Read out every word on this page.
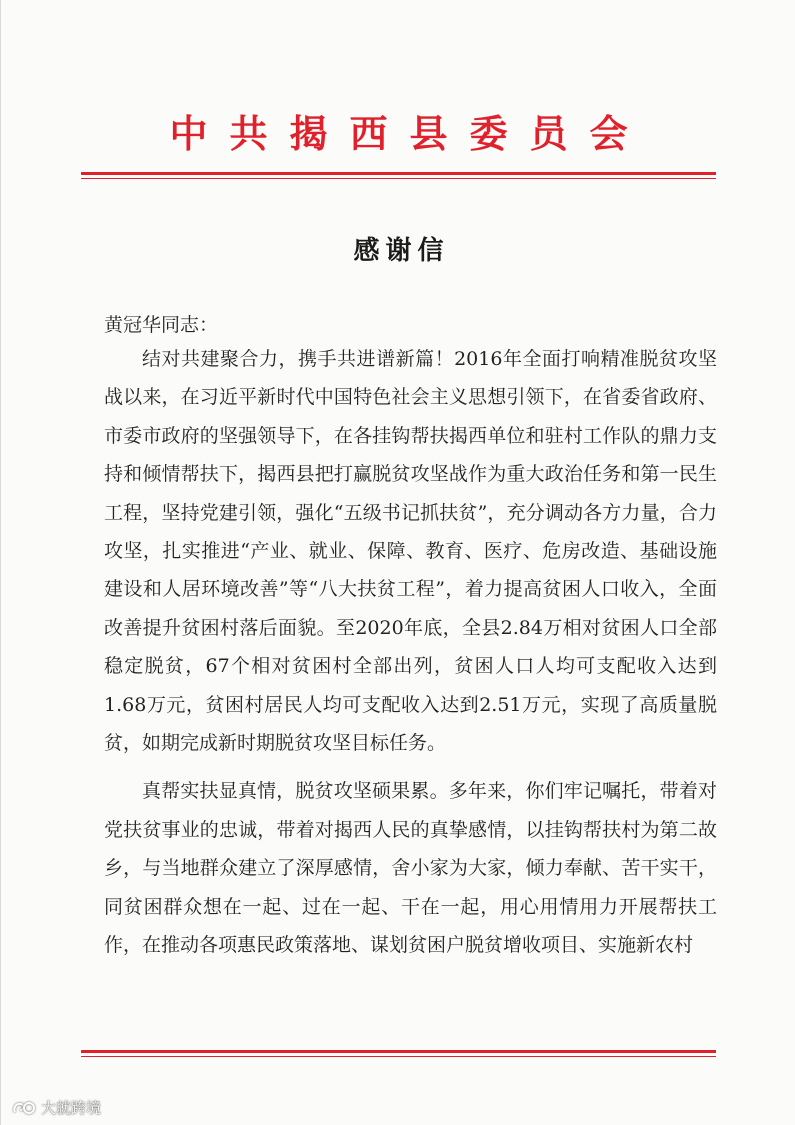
中共揭西县委员会
感谢信
黄冠华同志：

结对共建聚合力，携手共进谱新篇！2016年全面打响精准脱贫攻坚战以来，在习近平新时代中国特色社会主义思想引领下，在省委省政府、市委市政府的坚强领导下，在各挂钩帮扶揭西单位和驻村工作队的鼎力支持和倾情帮扶下，揭西县把打赢脱贫攻坚战作为重大政治任务和第一民生工程，坚持党建引领，强化“五级书记抓扶贫”，充分调动各方力量，合力攻坚，扎实推进“产业、就业、保障、教育、医疗、危房改造、基础设施建设和人居环境改善”等“八大扶贫工程”，着力提高贫困人口收入，全面改善提升贫困村落后面貌。至2020年底，全县2.84万相对贫困人口全部稳定脱贫，67个相对贫困村全部出列，贫困人口人均可支配收入达到1.68万元，贫困村居民人均可支配收入达到2.51万元，实现了高质量脱贫，如期完成新时期脱贫攻坚目标任务。

真帮实扶显真情，脱贫攻坚硕果累。多年来，你们牢记嘱托，带着对党扶贫事业的忠诚，带着对揭西人民的真挚感情，以挂钩帮扶村为第二故乡，与当地群众建立了深厚感情，舍小家为大家，倾力奉献、苦干实干，同贫困群众想在一起、过在一起、干在一起，用心用情用力开展帮扶工作，在推动各项惠民政策落地、谋划贫困户脱贫增收项目、实施新农村

大就跨境
